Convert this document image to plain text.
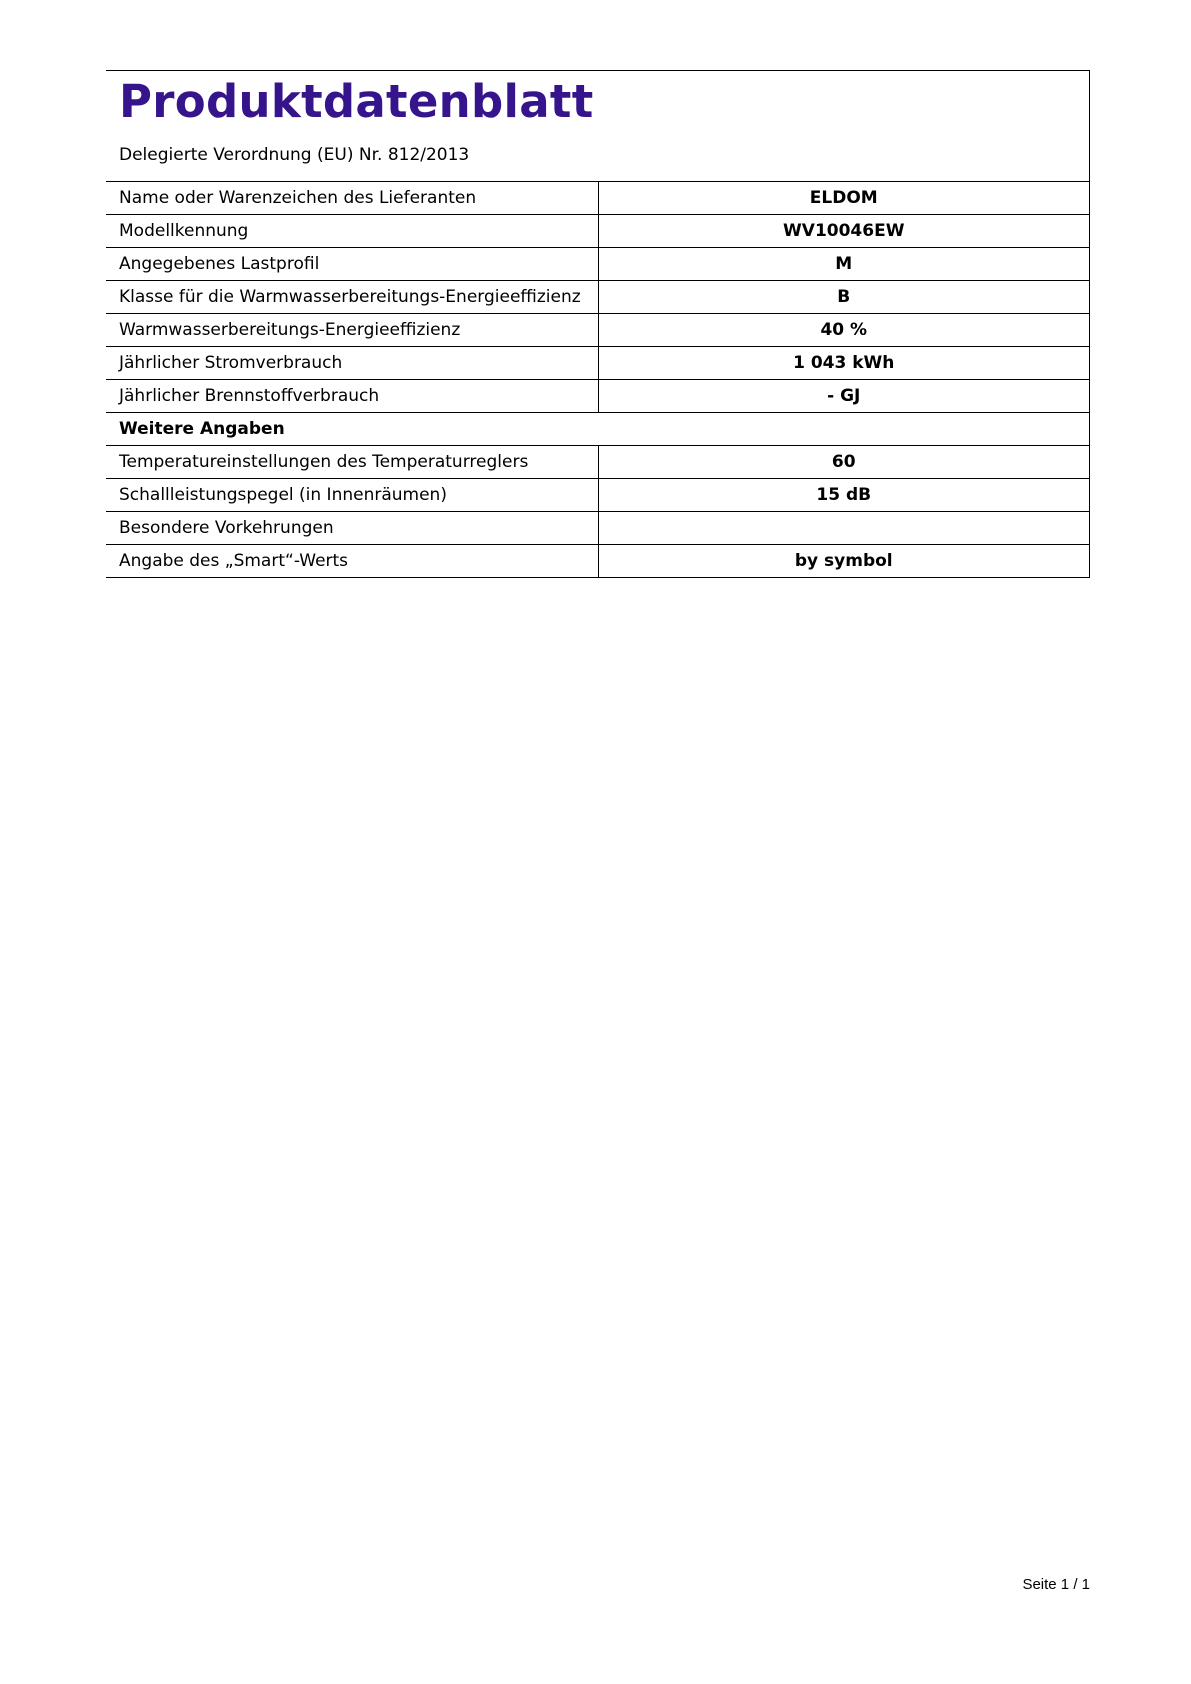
Produktdatenblatt

Delegierte Verordnung (EU) Nr. 812/2013

Name oder Warenzeichen des Lieferanten	ELDOM
Modellkennung	WV10046EW
Angegebenes Lastprofil	M
Klasse für die Warmwasserbereitungs-Energieeffizienz	B
Warmwasserbereitungs-Energieeffizienz	40 %
Jährlicher Stromverbrauch	1 043 kWh
Jährlicher Brennstoffverbrauch	- GJ
Weitere Angaben	
Temperatureinstellungen des Temperaturreglers	60
Schallleistungspegel (in Innenräumen)	15 dB
Besondere Vorkehrungen	
Angabe des „Smart“-Werts	by symbol
Seite 1 / 1
